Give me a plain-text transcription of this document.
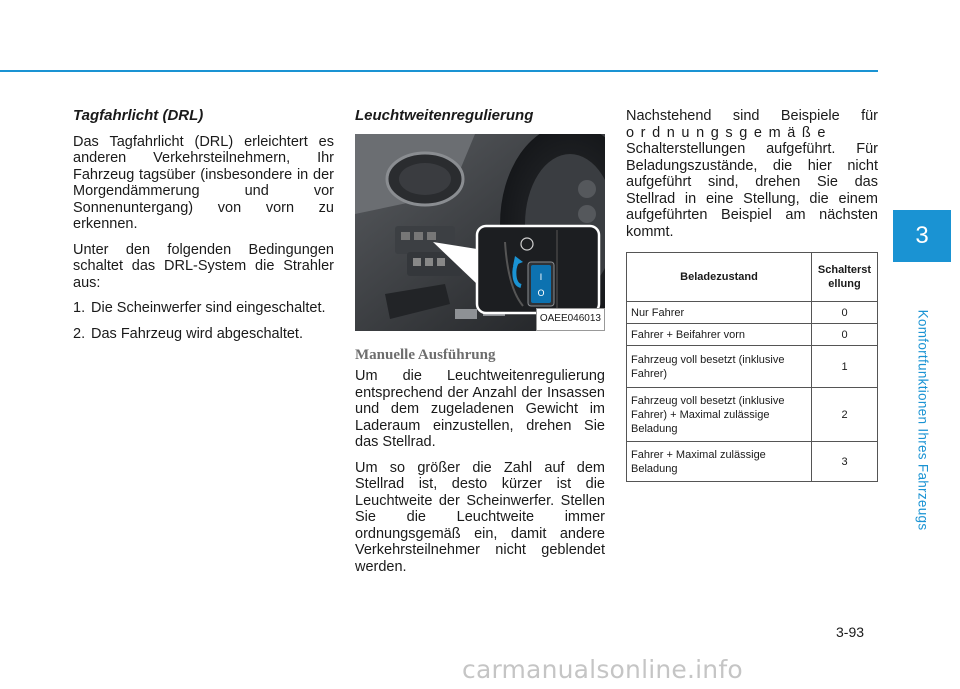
Tagfahrlicht (DRL)

Das Tagfahrlicht (DRL) erleichtert es anderen Verkehrsteilnehmern, Ihr Fahrzeug tagsüber (insbesondere in der Morgendämmerung und vor Sonnenuntergang) von vorn zu erkennen.

Unter den folgenden Bedingungen schaltet das DRL-System die Strahler aus:

1. Die Scheinwerfer sind eingeschaltet.
2. Das Fahrzeug wird abgeschaltet.
Leuchtweitenregulierung
I
O
OAEE046013
Manuelle Ausführung

Um die Leuchtweitenregulierung entsprechend der Anzahl der Insassen und dem zugeladenen Gewicht im Laderaum einzustellen, drehen Sie das Stellrad.

Um so größer die Zahl auf dem Stellrad ist, desto kürzer ist die Leuchtweite der Scheinwerfer. Stellen Sie die Leuchtweite immer ordnungsgemäß ein, damit andere Verkehrsteilnehmer nicht geblendet werden.

Nachstehend sind Beispiele für
ordnungsgemäße
Schalterstellungen aufgeführt. Für Beladungszustände, die hier nicht aufgeführt sind, drehen Sie das Stellrad in eine Stellung, die einem aufgeführten Beispiel am nächsten kommt.

Beladezustand	Schalterst ellung
Nur Fahrer	0
Fahrer + Beifahrer vorn	0
Fahrzeug voll besetzt (inklusive Fahrer)	1
Fahrzeug voll besetzt (inklusive Fahrer) + Maximal zulässige Beladung	2
Fahrer + Maximal zulässige Beladung	3
3
Komfortfunktionen Ihres Fahrzeugs
3-93
carmanualsonline.info
